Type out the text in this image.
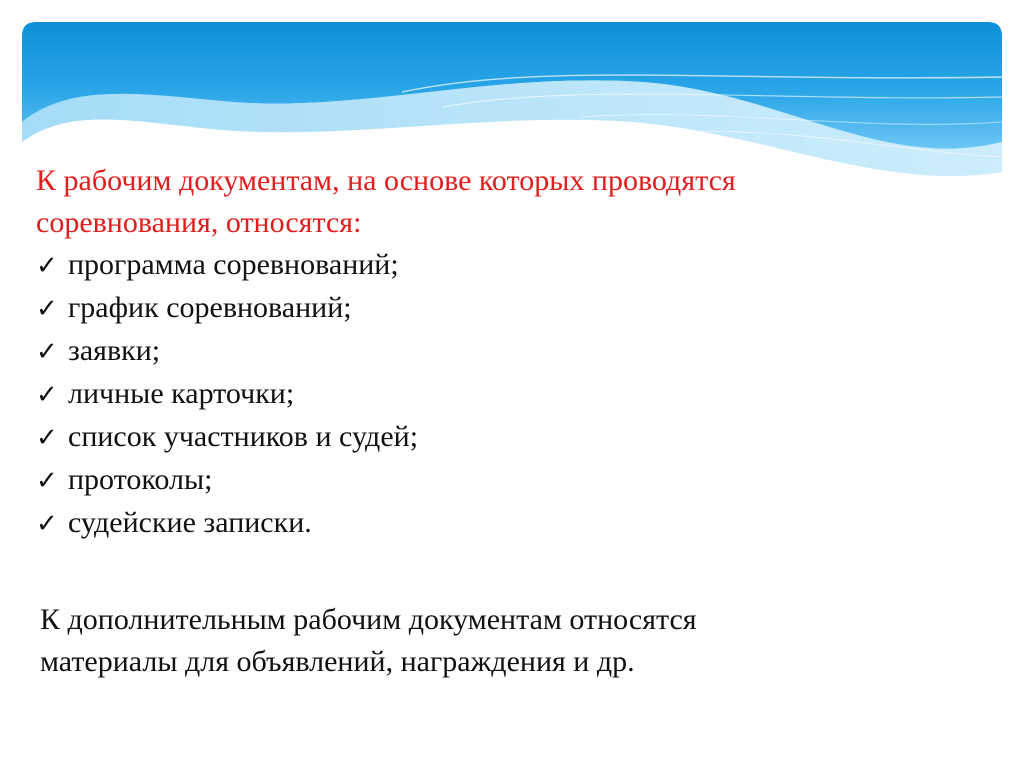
К рабочим документам, на основе которых проводятся
соревнования, относятся:

✓ программа соревнований;
✓ график соревнований;
✓ заявки;
✓ личные карточки;
✓ список участников и судей;
✓ протоколы;
✓ судейские записки.

К дополнительным рабочим документам относятся
материалы для объявлений, награждения и др.
